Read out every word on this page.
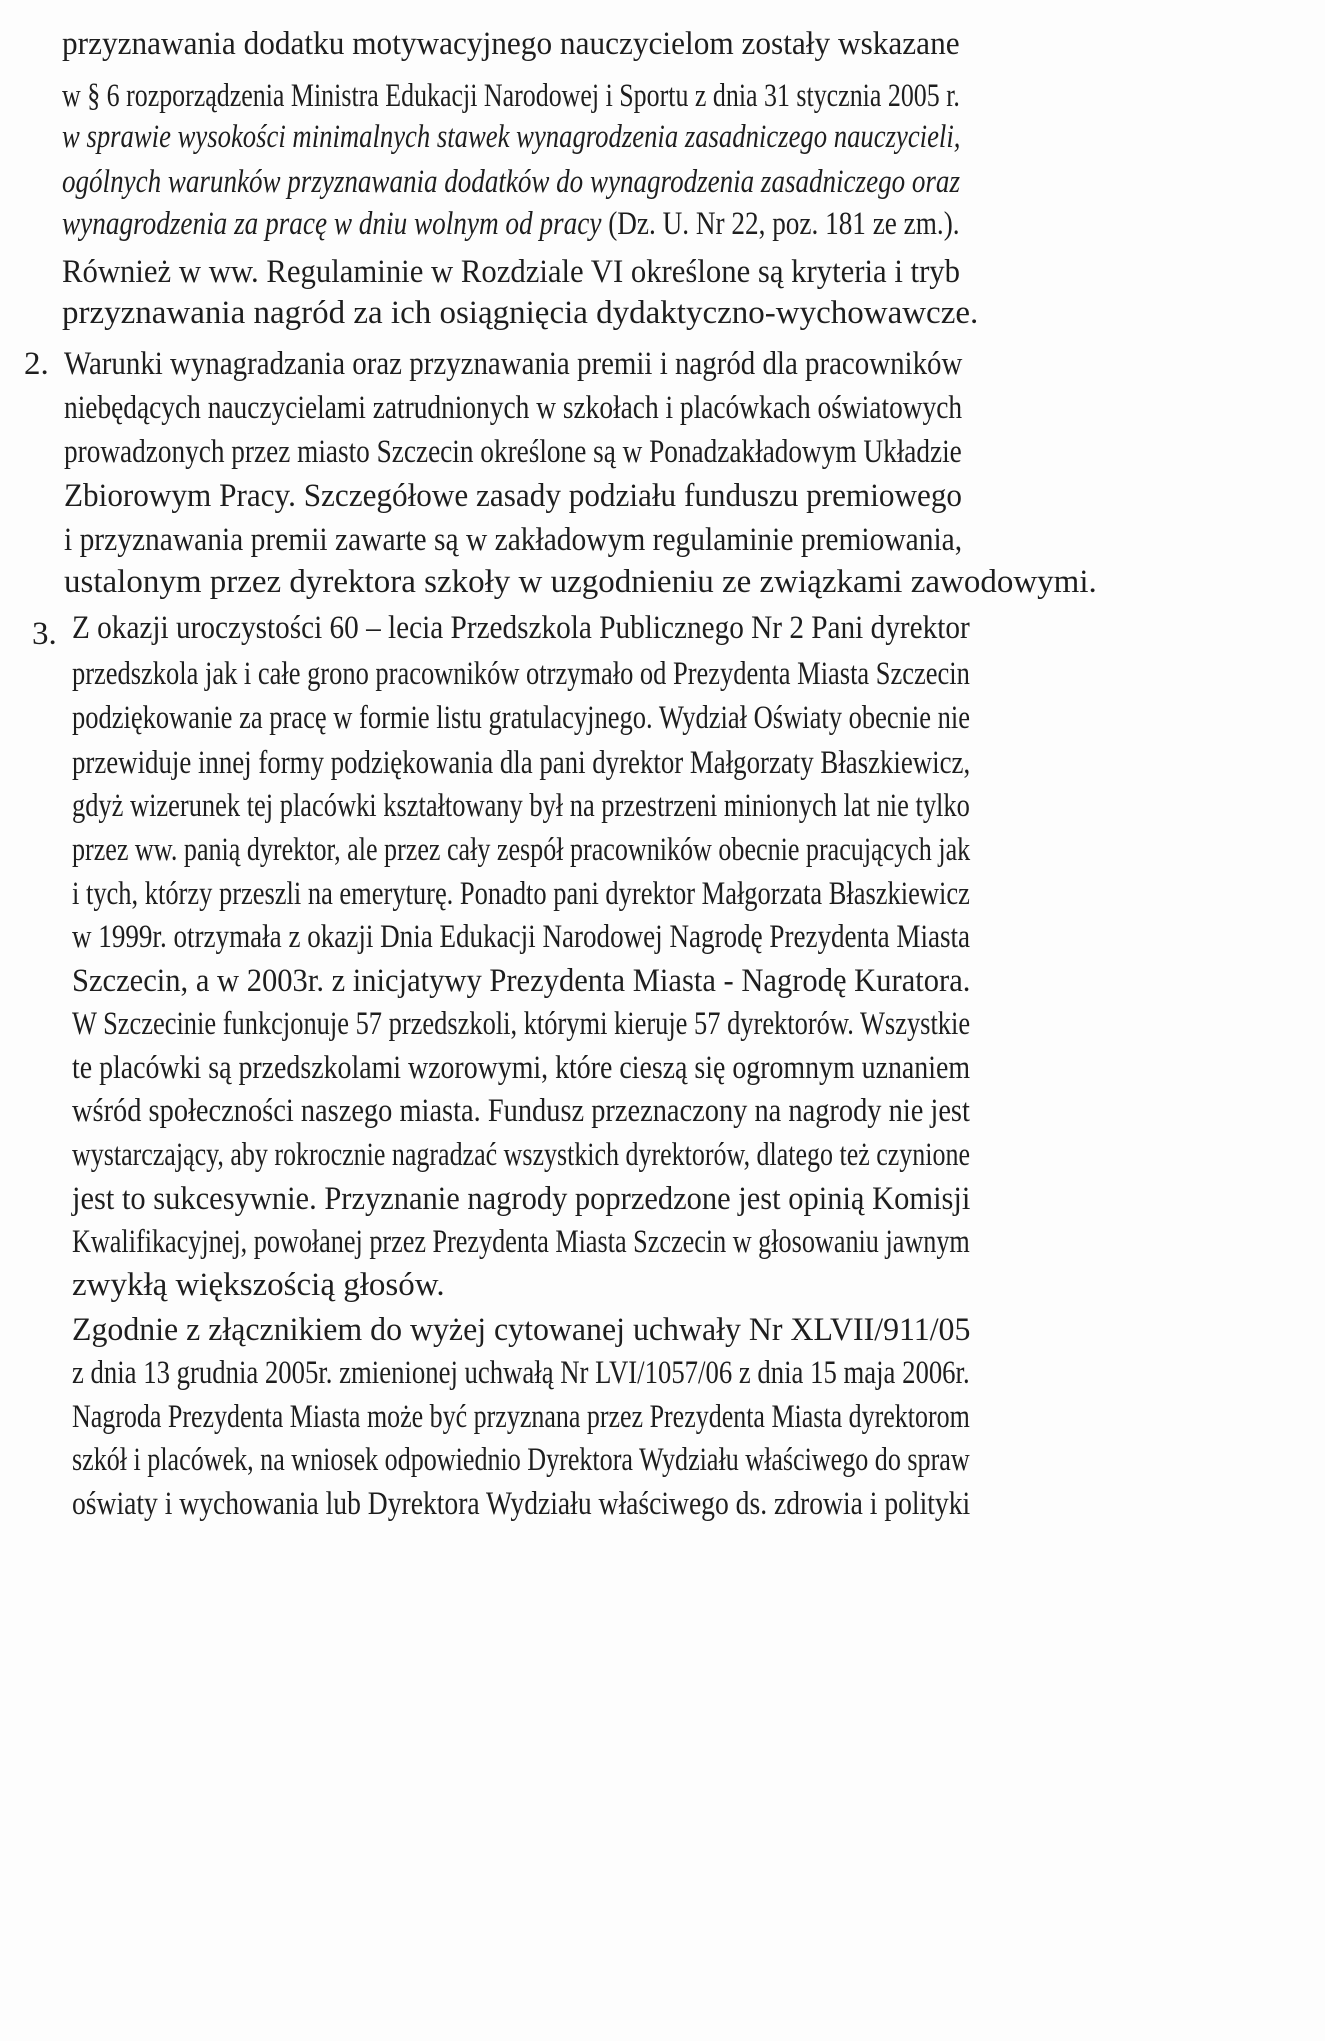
przyznawania dodatku motywacyjnego nauczycielom zostały wskazane
w § 6 rozporządzenia Ministra Edukacji Narodowej i Sportu z dnia 31 stycznia 2005 r.
w sprawie wysokości minimalnych stawek wynagrodzenia zasadniczego nauczycieli,
ogólnych warunków przyznawania dodatków do wynagrodzenia zasadniczego oraz
wynagrodzenia za pracę w dniu wolnym od pracy (Dz. U. Nr 22, poz. 181 ze zm.).
Również w ww. Regulaminie w Rozdziale VI określone są kryteria i tryb
przyznawania nagród za ich osiągnięcia dydaktyczno-wychowawcze.
2. Warunki wynagradzania oraz przyznawania premii i nagród dla pracowników
niebędących nauczycielami zatrudnionych w szkołach i placówkach oświatowych
prowadzonych przez miasto Szczecin określone są w Ponadzakładowym Układzie
Zbiorowym Pracy. Szczegółowe zasady podziału funduszu premiowego
i przyznawania premii zawarte są w zakładowym regulaminie premiowania,
ustalonym przez dyrektora szkoły w uzgodnieniu ze związkami zawodowymi.
3. Z okazji uroczystości 60 – lecia Przedszkola Publicznego Nr 2 Pani dyrektor
przedszkola jak i całe grono pracowników otrzymało od Prezydenta Miasta Szczecin
podziękowanie za pracę w formie listu gratulacyjnego. Wydział Oświaty obecnie nie
przewiduje innej formy podziękowania dla pani dyrektor Małgorzaty Błaszkiewicz,
gdyż wizerunek tej placówki kształtowany był na przestrzeni minionych lat nie tylko
przez ww. panią dyrektor, ale przez cały zespół pracowników obecnie pracujących jak
i tych, którzy przeszli na emeryturę. Ponadto pani dyrektor Małgorzata Błaszkiewicz
w 1999r. otrzymała z okazji Dnia Edukacji Narodowej Nagrodę Prezydenta Miasta
Szczecin, a w 2003r. z inicjatywy Prezydenta Miasta - Nagrodę Kuratora.
W Szczecinie funkcjonuje 57 przedszkoli, którymi kieruje 57 dyrektorów. Wszystkie
te placówki są przedszkolami wzorowymi, które cieszą się ogromnym uznaniem
wśród społeczności naszego miasta. Fundusz przeznaczony na nagrody nie jest
wystarczający, aby rokrocznie nagradzać wszystkich dyrektorów, dlatego też czynione
jest to sukcesywnie. Przyznanie nagrody poprzedzone jest opinią Komisji
Kwalifikacyjnej, powołanej przez Prezydenta Miasta Szczecin w głosowaniu jawnym
zwykłą większością głosów.
Zgodnie z złącznikiem do wyżej cytowanej uchwały Nr XLVII/911/05
z dnia 13 grudnia 2005r. zmienionej uchwałą Nr LVI/1057/06 z dnia 15 maja 2006r.
Nagroda Prezydenta Miasta może być przyznana przez Prezydenta Miasta dyrektorom
szkół i placówek, na wniosek odpowiednio Dyrektora Wydziału właściwego do spraw
oświaty i wychowania lub Dyrektora Wydziału właściwego ds. zdrowia i polityki
